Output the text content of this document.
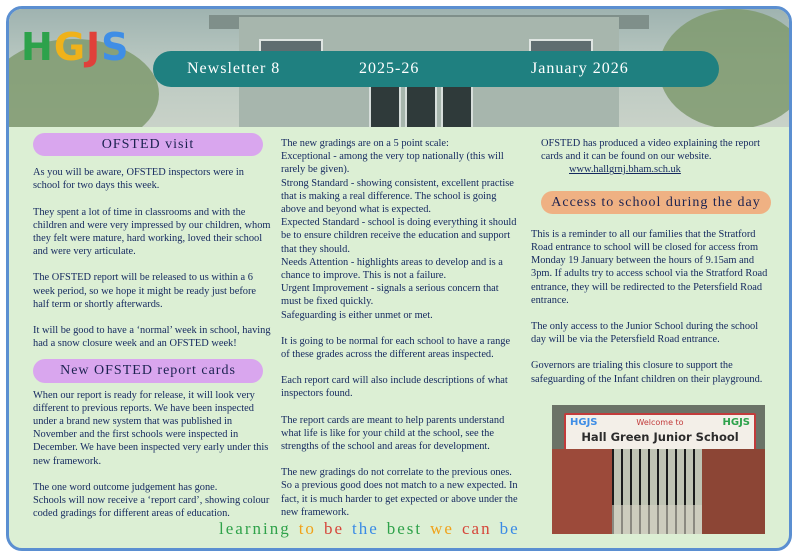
HGJS	Newsletter 8	2025-26	January 2026
OFSTED visit

As you will be aware, OFSTED inspectors were in school for two days this week.

They spent a lot of time in classrooms and with the children and were very impressed by our children, whom they felt were mature, hard working, loved their school and were very articulate.

The OFSTED report will be released to us within a 6 week period, so we hope it might be ready just before half term or shortly afterwards.

It will be good to have a ‘normal’ week in school, having had a snow closure week and an OFSTED week!

New OFSTED report cards

When our report is ready for release, it will look very different to previous reports. We have been inspected under a brand new system that was published in November and the first schools were inspected in December. We have been inspected very early under this new framework.

The one word outcome judgement has gone.

Schools will now receive a ‘report card’, showing colour coded gradings for different areas of education.

The new gradings are on a 5 point scale:
Exceptional - among the very top nationally (this will rarely be given).
Strong Standard - showing consistent, excellent practise that is making a real difference. The school is going above and beyond what is expected.
Expected Standard - school is doing everything it should be to ensure children receive the education and support that they should.
Needs Attention - highlights areas to develop and is a chance to improve. This is not a failure.
Urgent Improvement - signals a serious concern that must be fixed quickly.

Safeguarding is either unmet or met.

It is going to be normal for each school to have a range of these grades across the different areas inspected.

Each report card will also include descriptions of what inspectors found.

The report cards are meant to help parents understand what life is like for your child at the school, see the strengths of the school and areas for development.

The new gradings do not correlate to the previous ones. So a previous good does not match to a new expected. In fact, it is much harder to get expected or above under the new framework.

OFSTED has produced a video explaining the report cards and it can be found on our website.
www.hallgrnj.bham.sch.uk
Access to school during the day

This is a reminder to all our families that the Stratford Road entrance to school will be closed for access from Monday 19 January between the hours of 9.15am and 3pm. If adults try to access school via the Stratford Road entrance, they will be redirected to the Petersfield Road entrance.

The only access to the Junior School during the school day will be via the Petersfield Road entrance.

Governors are trialing this closure to support the safeguarding of the Infant children on their playground.

HGJS	HGJS
Welcome to
Hall Green Junior School
learning to be the best we can be
